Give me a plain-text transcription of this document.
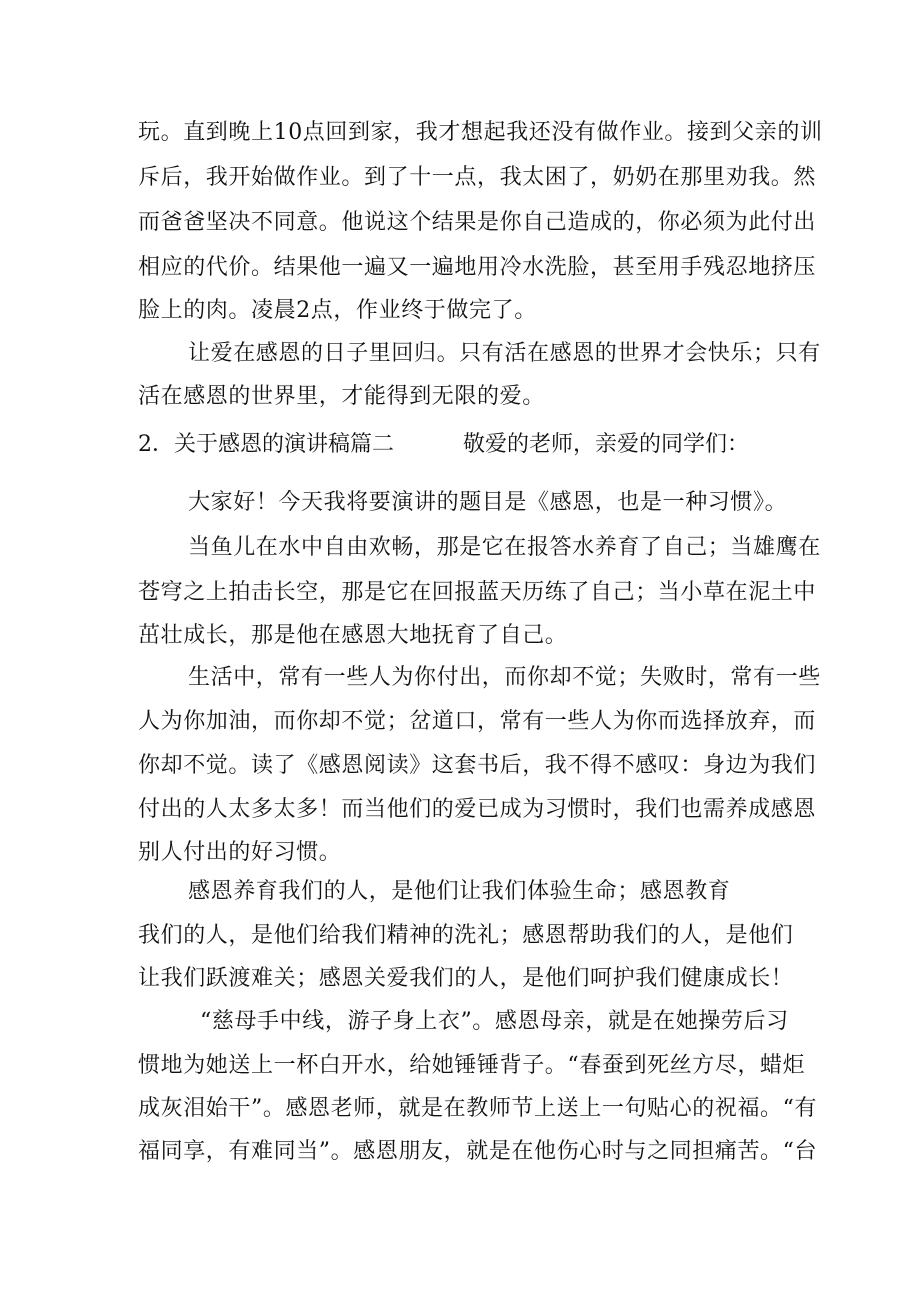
玩。直到晚上10点回到家，我才想起我还没有做作业。接到父亲的训
斥后，我开始做作业。到了十一点，我太困了，奶奶在那里劝我。然
而爸爸坚决不同意。他说这个结果是你自己造成的，你必须为此付出
相应的代价。结果他一遍又一遍地用冷水洗脸，甚至用手残忍地挤压
脸上的肉。凌晨2点，作业终于做完了。
让爱在感恩的日子里回归。只有活在感恩的世界才会快乐；只有
活在感恩的世界里，才能得到无限的爱。
2．关于感恩的演讲稿篇二	敬爱的老师，亲爱的同学们：
大家好！今天我将要演讲的题目是《感恩，也是一种习惯》。
当鱼儿在水中自由欢畅，那是它在报答水养育了自己；当雄鹰在
苍穹之上拍击长空，那是它在回报蓝天历练了自己；当小草在泥土中
茁壮成长，那是他在感恩大地抚育了自己。
生活中，常有一些人为你付出，而你却不觉；失败时，常有一些
人为你加油，而你却不觉；岔道口，常有一些人为你而选择放弃，而
你却不觉。读了《感恩阅读》这套书后，我不得不感叹：身边为我们
付出的人太多太多！而当他们的爱已成为习惯时，我们也需养成感恩
别人付出的好习惯。
感恩养育我们的人，是他们让我们体验生命；感恩教育
我们的人，是他们给我们精神的洗礼；感恩帮助我们的人，是他们
让我们跃渡难关；感恩关爱我们的人，是他们呵护我们健康成长！
“慈母手中线，游子身上衣”。感恩母亲，就是在她操劳后习
惯地为她送上一杯白开水，给她锤锤背子。“春蚕到死丝方尽，蜡炬
成灰泪始干”。感恩老师，就是在教师节上送上一句贴心的祝福。“有
福同享，有难同当”。感恩朋友，就是在他伤心时与之同担痛苦。“台
